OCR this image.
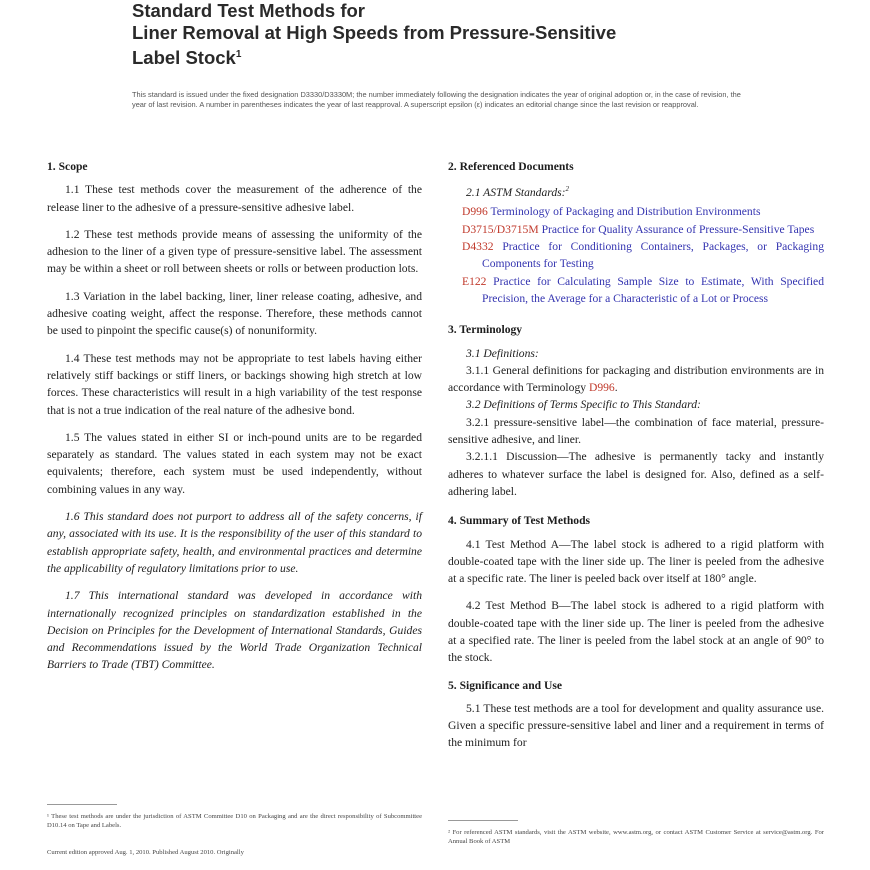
Standard Test Methods for
Liner Removal at High Speeds from Pressure-Sensitive
Label Stock$^1$
This standard is issued under the fixed designation D3330/D3330M; the number immediately following the designation indicates the year of original adoption or, in the case of revision, the year of last revision. A number in parentheses indicates the year of last reapproval. A superscript epsilon (ε) indicates an editorial change since the last revision or reapproval.
1. Scope

1.1 These test methods cover the measurement of the adherence of the release liner to the adhesive of a pressure-sensitive adhesive label.

1.2 These test methods provide means of assessing the uniformity of the adhesion to the liner of a given type of pressure-sensitive label. The assessment may be within a sheet or roll between sheets or rolls or between production lots.

1.3 Variation in the label backing, liner, liner release coating, adhesive, and adhesive coating weight, affect the response. Therefore, these methods cannot be used to pinpoint the specific cause(s) of nonuniformity.

1.4 These test methods may not be appropriate to test labels having either relatively stiff backings or stiff liners, or backings showing high stretch at low forces. These characteristics will result in a high variability of the test response that is not a true indication of the real nature of the adhesive bond.

1.5 The values stated in either SI or inch-pound units are to be regarded separately as standard. The values stated in each system may not be exact equivalents; therefore, each system must be used independently, without combining values in any way.

1.6 This standard does not purport to address all of the safety concerns, if any, associated with its use. It is the responsibility of the user of this standard to establish appropriate safety, health, and environmental practices and determine the applicability of regulatory limitations prior to use.

1.7 This international standard was developed in accordance with internationally recognized principles on standardization established in the Decision on Principles for the Development of International Standards, Guides and Recommendations issued by the World Trade Organization Technical Barriers to Trade (TBT) Committee.

2. Referenced Documents
2.1 ASTM Standards:$^2$
D996 Terminology of Packaging and Distribution Environments
D3715/D3715M Practice for Quality Assurance of Pressure-Sensitive Tapes
D4332 Practice for Conditioning Containers, Packages, or Packaging Components for Testing
E122 Practice for Calculating Sample Size to Estimate, With Specified Precision, the Average for a Characteristic of a Lot or Process
3. Terminology

3.1 Definitions:

3.1.1 General definitions for packaging and distribution environments are in accordance with Terminology D996.

3.2 Definitions of Terms Specific to This Standard:

3.2.1 pressure-sensitive label—the combination of face material, pressure-sensitive adhesive, and liner.

3.2.1.1 Discussion—The adhesive is permanently tacky and instantly adheres to whatever surface the label is designed for. Also, defined as a self-adhering label.

4. Summary of Test Methods

4.1 Test Method A—The label stock is adhered to a rigid platform with double-coated tape with the liner side up. The liner is peeled from the adhesive at a specific rate. The liner is peeled back over itself at 180° angle.

4.2 Test Method B—The label stock is adhered to a rigid platform with double-coated tape with the liner side up. The liner is peeled from the adhesive at a specified rate. The liner is peeled from the label stock at an angle of 90° to the stock.

5. Significance and Use

5.1 These test methods are a tool for development and quality assurance use. Given a specific pressure-sensitive label and liner and a requirement in terms of the minimum for

¹ These test methods are under the jurisdiction of ASTM Committee D10 on Packaging and are the direct responsibility of Subcommittee D10.14 on Tape and Labels.
Current edition approved Aug. 1, 2010. Published August 2010. Originally
² For referenced ASTM standards, visit the ASTM website, www.astm.org, or contact ASTM Customer Service at service@astm.org. For Annual Book of ASTM
